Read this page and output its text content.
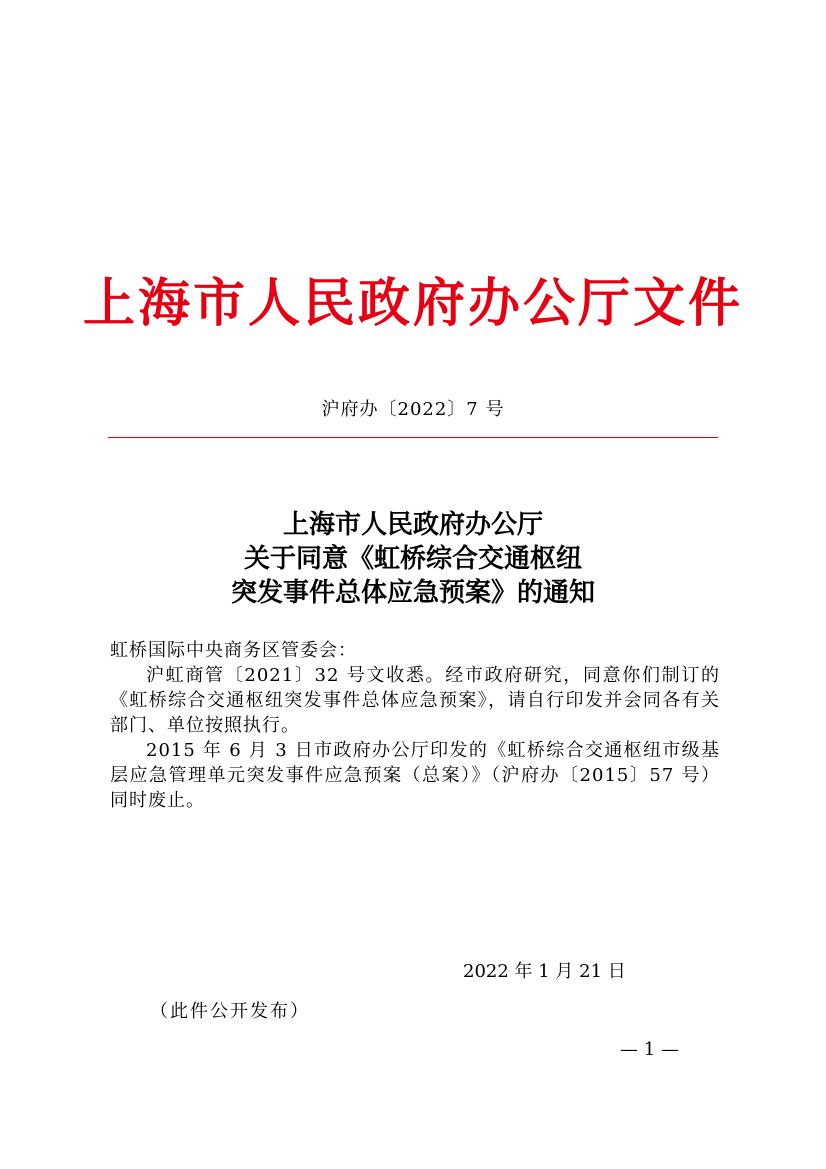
上海市人民政府办公厅文件
沪府办〔2022〕7 号
上海市人民政府办公厅
关于同意《虹桥综合交通枢纽
突发事件总体应急预案》的通知

虹桥国际中央商务区管委会：

沪虹商管〔2021〕32 号文收悉。经市政府研究，同意你们制订的《虹桥综合交通枢纽突发事件总体应急预案》，请自行印发并会同各有关部门、单位按照执行。

2015 年 6 月 3 日市政府办公厅印发的《虹桥综合交通枢纽市级基层应急管理单元突发事件应急预案（总案）》（沪府办〔2015〕57 号）同时废止。

2022 年 1 月 21 日
（此件公开发布）
— 1 —
